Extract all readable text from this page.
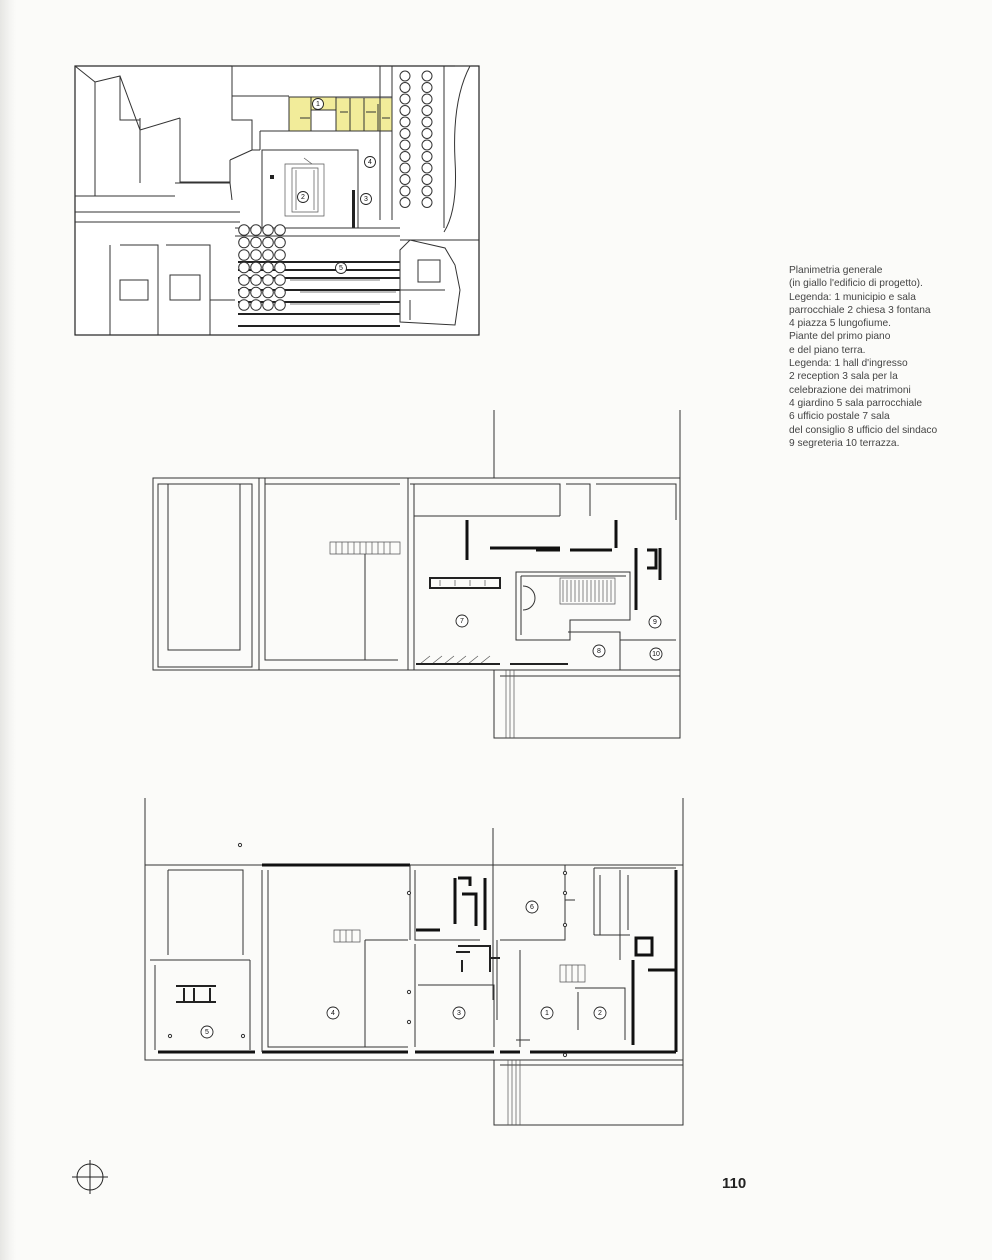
1
2	3
4
5
7
8
9
10
1	2
3
4
5
6
Planimetria generale
(in giallo l'edificio di progetto).
Legenda: 1 municipio e sala
parrocchiale 2 chiesa 3 fontana
4 piazza 5 lungofiume.
Piante del primo piano
e del piano terra.
Legenda: 1 hall d'ingresso
2 reception 3 sala per la
celebrazione dei matrimoni
4 giardino 5 sala parrocchiale
6 ufficio postale 7 sala
del consiglio 8 ufficio del sindaco
9 segreteria 10 terrazza.
110
